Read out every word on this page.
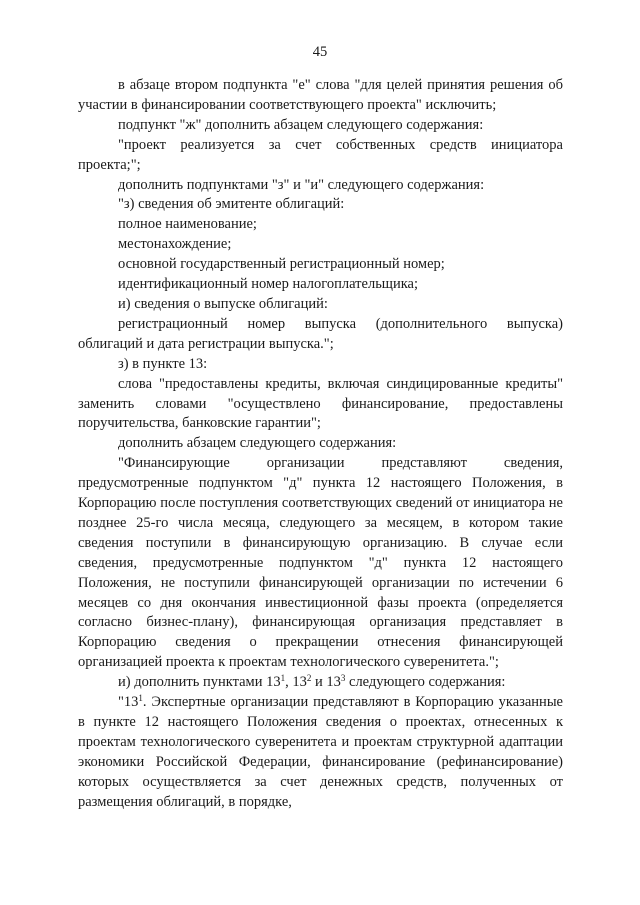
45

в абзаце втором подпункта "е" слова "для целей принятия решения об участии в финансировании соответствующего проекта" исключить;

подпункт "ж" дополнить абзацем следующего содержания:

"проект реализуется за счет собственных средств инициатора проекта;";

дополнить подпунктами "з" и "и" следующего содержания:

"з) сведения об эмитенте облигаций:

полное наименование;

местонахождение;

основной государственный регистрационный номер;

идентификационный номер налогоплательщика;

и) сведения о выпуске облигаций:

регистрационный номер выпуска (дополнительного выпуска) облигаций и дата регистрации выпуска.";

з) в пункте 13:

слова "предоставлены кредиты, включая синдицированные кредиты" заменить словами "осуществлено финансирование, предоставлены поручительства, банковские гарантии";

дополнить абзацем следующего содержания:

"Финансирующие организации представляют сведения, предусмотренные подпунктом "д" пункта 12 настоящего Положения, в Корпорацию после поступления соответствующих сведений от инициатора не позднее 25-го числа месяца, следующего за месяцем, в котором такие сведения поступили в финансирующую организацию. В случае если сведения, предусмотренные подпунктом "д" пункта 12 настоящего Положения, не поступили финансирующей организации по истечении 6 месяцев со дня окончания инвестиционной фазы проекта (определяется согласно бизнес-плану), финансирующая организация представляет в Корпорацию сведения о прекращении отнесения финансирующей организацией проекта к проектам технологического суверенитета.";

и) дополнить пунктами $13^1$, $13^2$ и $13^3$ следующего содержания:

"$13^1$. Экспертные организации представляют в Корпорацию указанные в пункте 12 настоящего Положения сведения о проектах, отнесенных к проектам технологического суверенитета и проектам структурной адаптации экономики Российской Федерации, финансирование (рефинансирование) которых осуществляется за счет денежных средств, полученных от размещения облигаций, в порядке,
